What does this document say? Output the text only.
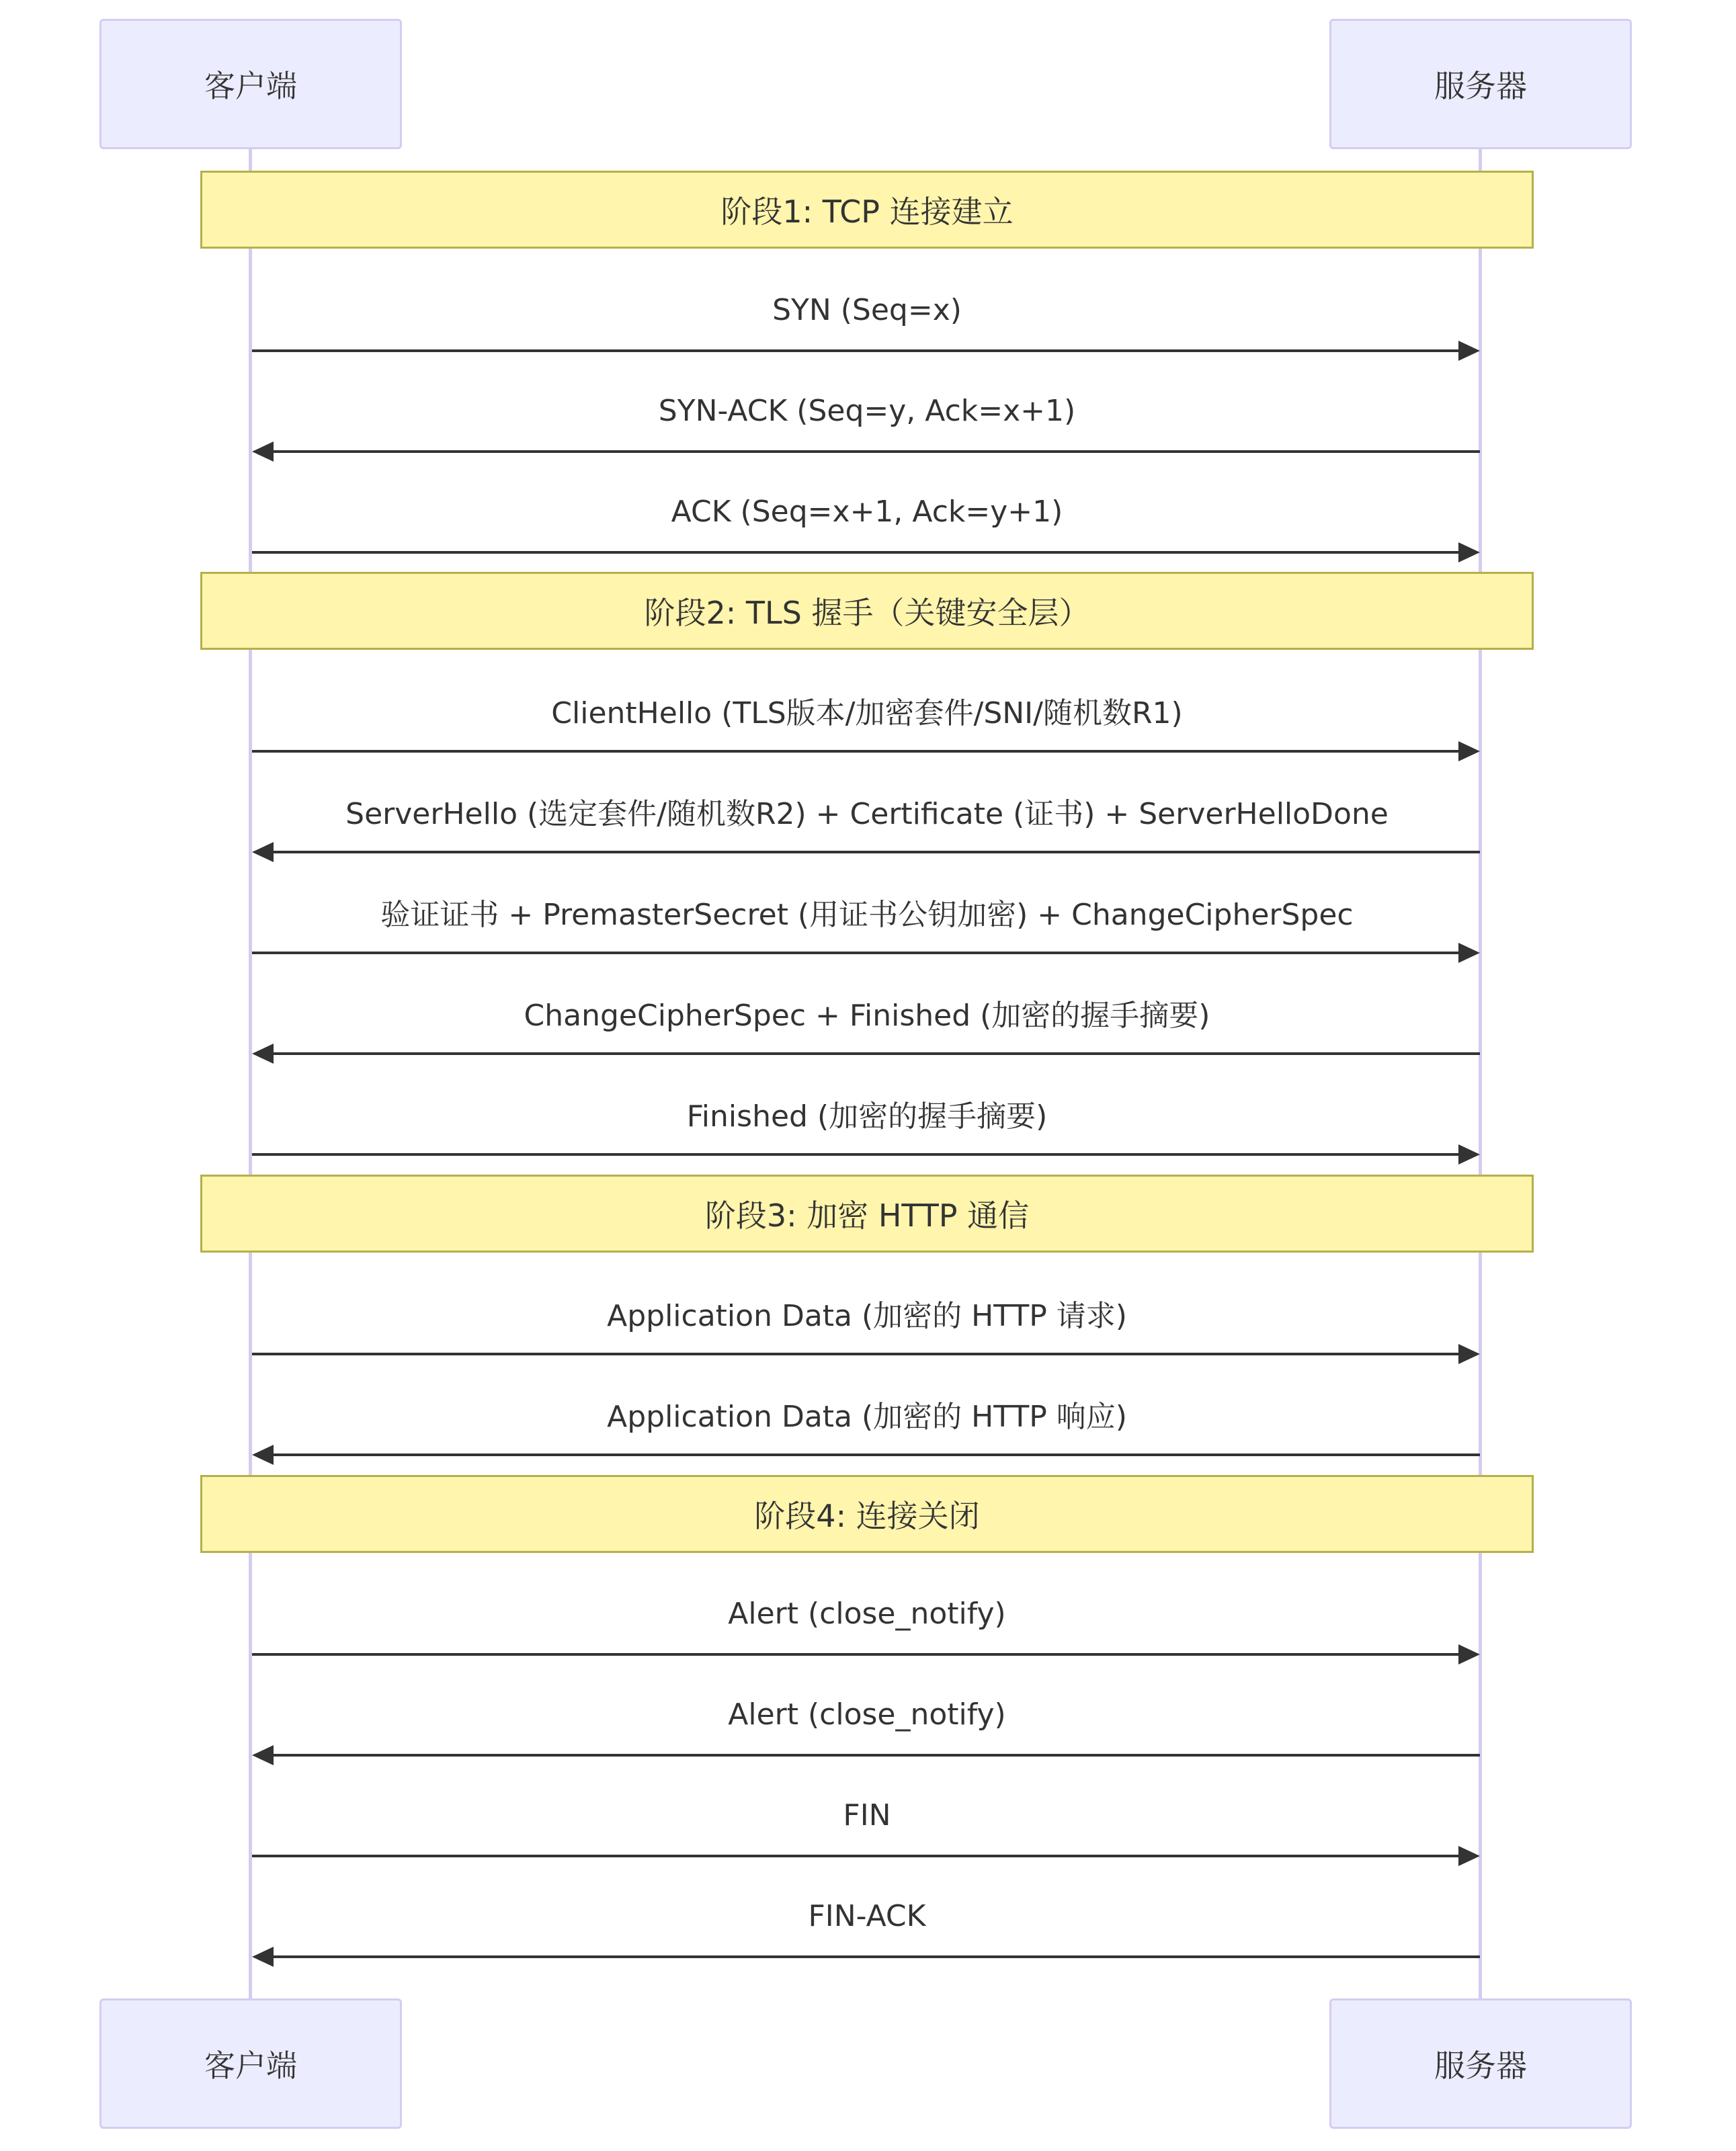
客户端	服务器
客户端	服务器
阶段1: TCP 连接建立
阶段2: TLS 握手（关键安全层）
阶段3: 加密 HTTP 通信
阶段4: 连接关闭
SYN (Seq=x)
SYN-ACK (Seq=y, Ack=x+1)
ACK (Seq=x+1, Ack=y+1)
ClientHello (TLS版本/加密套件/SNI/随机数R1)
ServerHello (选定套件/随机数R2) + Certificate (证书) + ServerHelloDone
验证证书 + PremasterSecret (用证书公钥加密) + ChangeCipherSpec
ChangeCipherSpec + Finished (加密的握手摘要)
Finished (加密的握手摘要)
Application Data (加密的 HTTP 请求)
Application Data (加密的 HTTP 响应)
Alert (close_notify)
Alert (close_notify)
FIN
FIN-ACK
